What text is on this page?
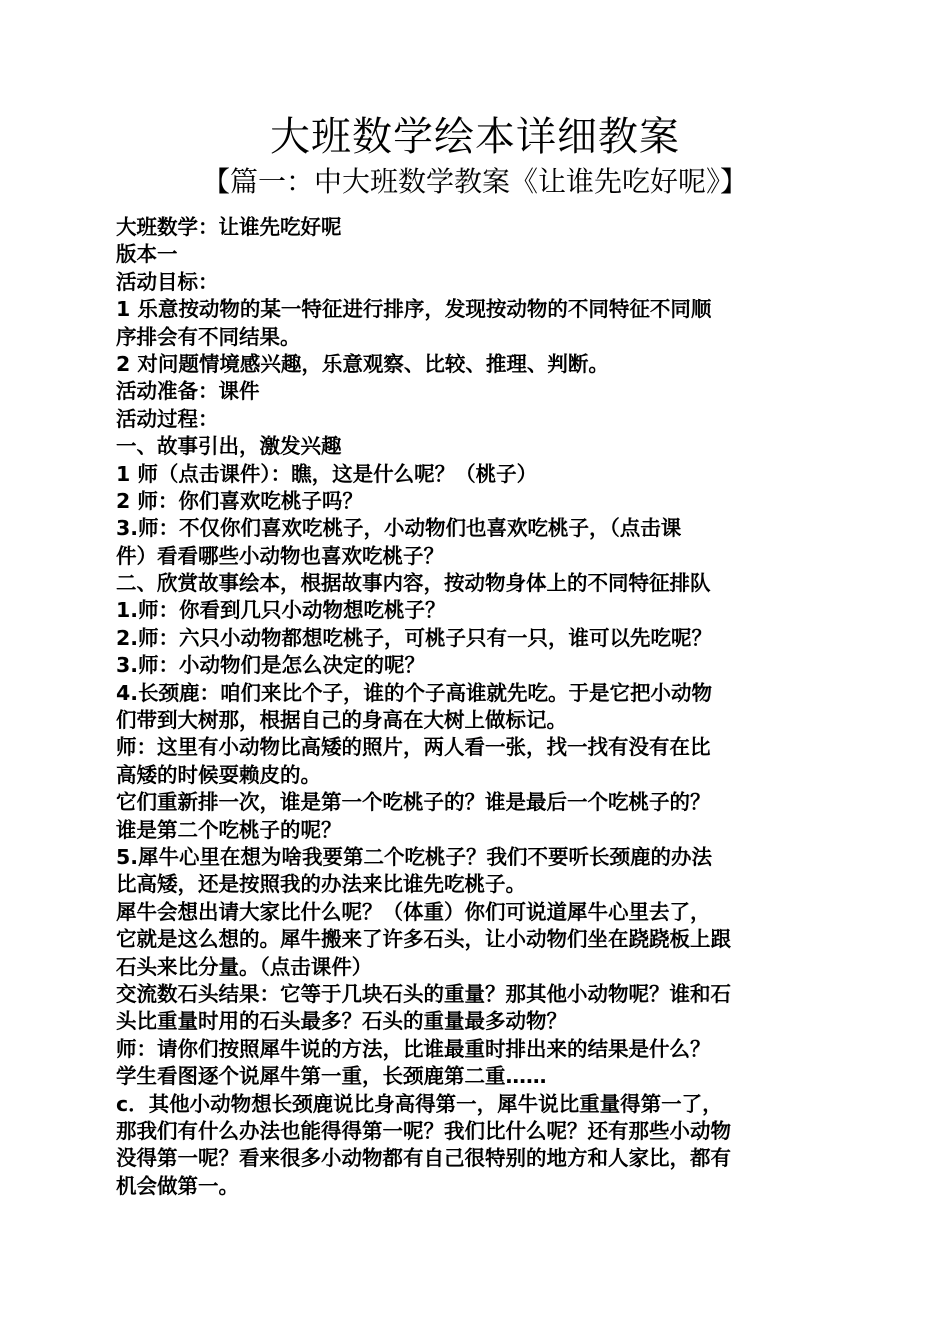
大班数学绘本详细教案
【篇一：中大班数学教案《让谁先吃好呢》】
大班数学：让谁先吃好呢
版本一
活动目标：
1 乐意按动物的某一特征进行排序，发现按动物的不同特征不同顺
序排会有不同结果。
2 对问题情境感兴趣，乐意观察、比较、推理、判断。
活动准备：课件
活动过程：
一、故事引出，激发兴趣
1 师（点击课件）：瞧，这是什么呢？（桃子）
2 师：你们喜欢吃桃子吗？
3.师：不仅你们喜欢吃桃子，小动物们也喜欢吃桃子，（点击课
件）看看哪些小动物也喜欢吃桃子？
二、欣赏故事绘本，根据故事内容，按动物身体上的不同特征排队
1.师：你看到几只小动物想吃桃子？
2.师：六只小动物都想吃桃子，可桃子只有一只，谁可以先吃呢？
3.师：小动物们是怎么决定的呢？
4.长颈鹿：咱们来比个子，谁的个子高谁就先吃。于是它把小动物
们带到大树那，根据自己的身高在大树上做标记。
师：这里有小动物比高矮的照片，两人看一张，找一找有没有在比
高矮的时候耍赖皮的。
它们重新排一次，谁是第一个吃桃子的？谁是最后一个吃桃子的？
谁是第二个吃桃子的呢？
5.犀牛心里在想为啥我要第二个吃桃子？我们不要听长颈鹿的办法
比高矮，还是按照我的办法来比谁先吃桃子。
犀牛会想出请大家比什么呢？（体重）你们可说道犀牛心里去了，
它就是这么想的。犀牛搬来了许多石头，让小动物们坐在跷跷板上跟
石头来比分量。（点击课件）
交流数石头结果：它等于几块石头的重量？那其他小动物呢？谁和石
头比重量时用的石头最多？石头的重量最多动物？
师：请你们按照犀牛说的方法，比谁最重时排出来的结果是什么？
学生看图逐个说犀牛第一重，长颈鹿第二重……
c．其他小动物想长颈鹿说比身高得第一，犀牛说比重量得第一了，
那我们有什么办法也能得得第一呢？我们比什么呢？还有那些小动物
没得第一呢？看来很多小动物都有自己很特别的地方和人家比，都有
机会做第一。
